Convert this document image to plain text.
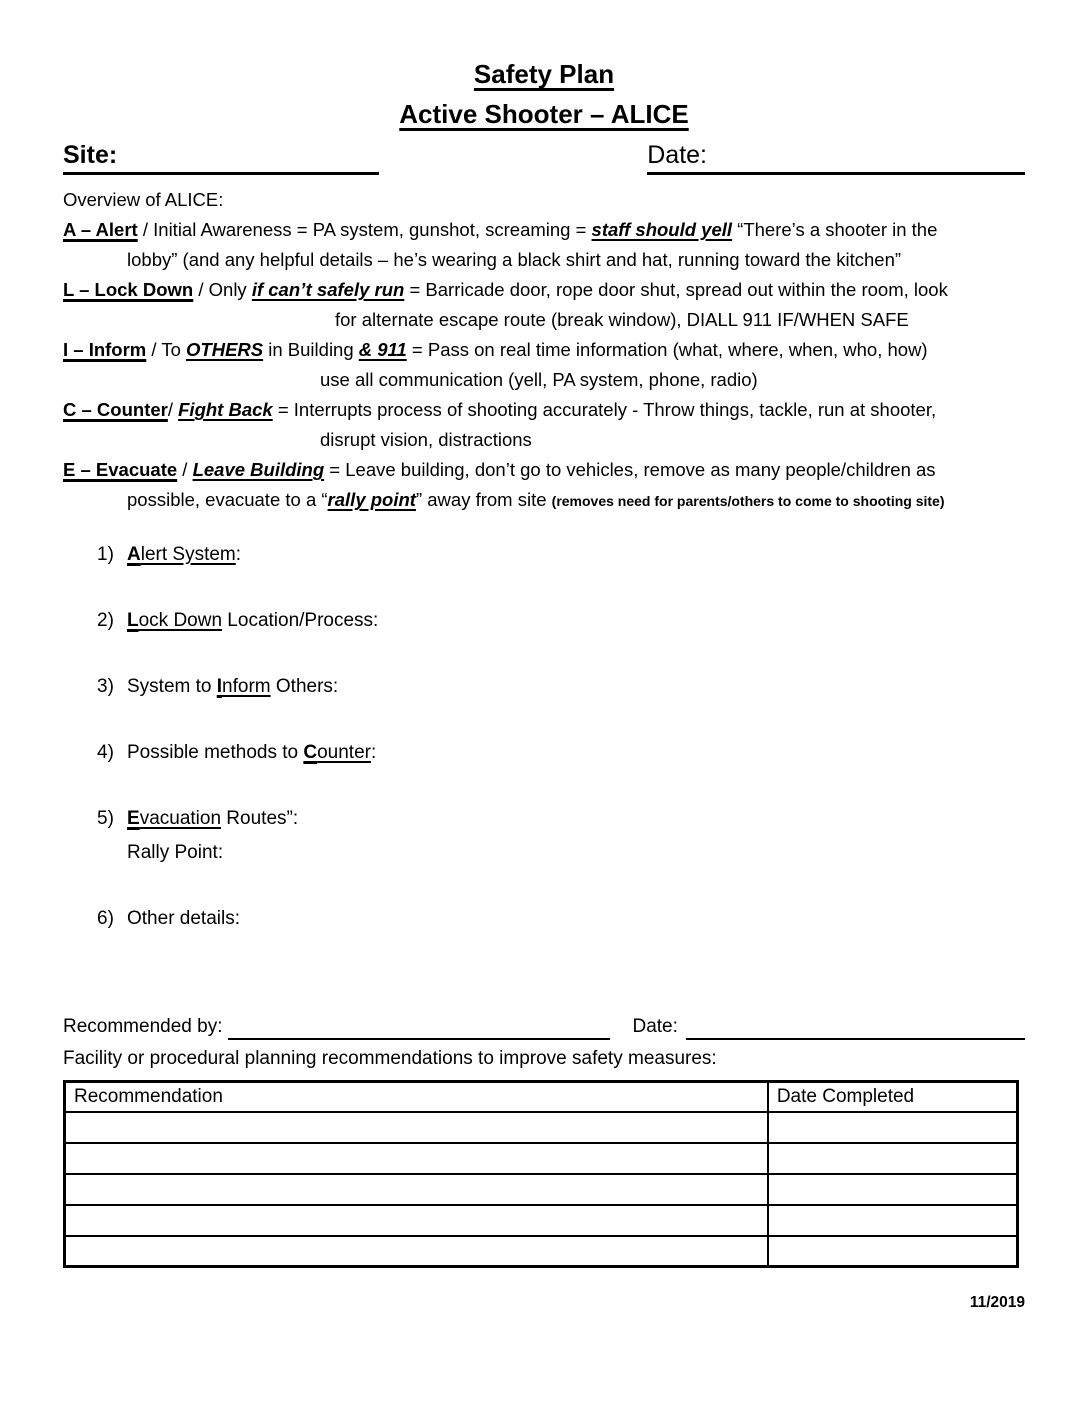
Safety Plan
Active Shooter – ALICE
Site:	Date:
Overview of ALICE:
A – Alert / Initial Awareness = PA system, gunshot, screaming = staff should yell “There’s a shooter in the
lobby” (and any helpful details – he’s wearing a black shirt and hat, running toward the kitchen”
L – Lock Down / Only if can’t safely run = Barricade door, rope door shut, spread out within the room, look
for alternate escape route (break window), DIALL 911 IF/WHEN SAFE
I – Inform / To OTHERS in Building & 911 = Pass on real time information (what, where, when, who, how)
use all communication (yell, PA system, phone, radio)
C – Counter/ Fight Back = Interrupts process of shooting accurately - Throw things, tackle, run at shooter,
disrupt vision, distractions
E – Evacuate / Leave Building = Leave building, don’t go to vehicles, remove as many people/children as
possible, evacuate to a “rally point” away from site (removes need for parents/others to come to shooting site)
1) Alert System:
2) Lock Down Location/Process:
3) System to Inform Others:
4) Possible methods to Counter:
5) Evacuation Routes”:
Rally Point:
6) Other details:
Recommended by:	Date:
Facility or procedural planning recommendations to improve safety measures:
Recommendation	Date Completed

11/2019
